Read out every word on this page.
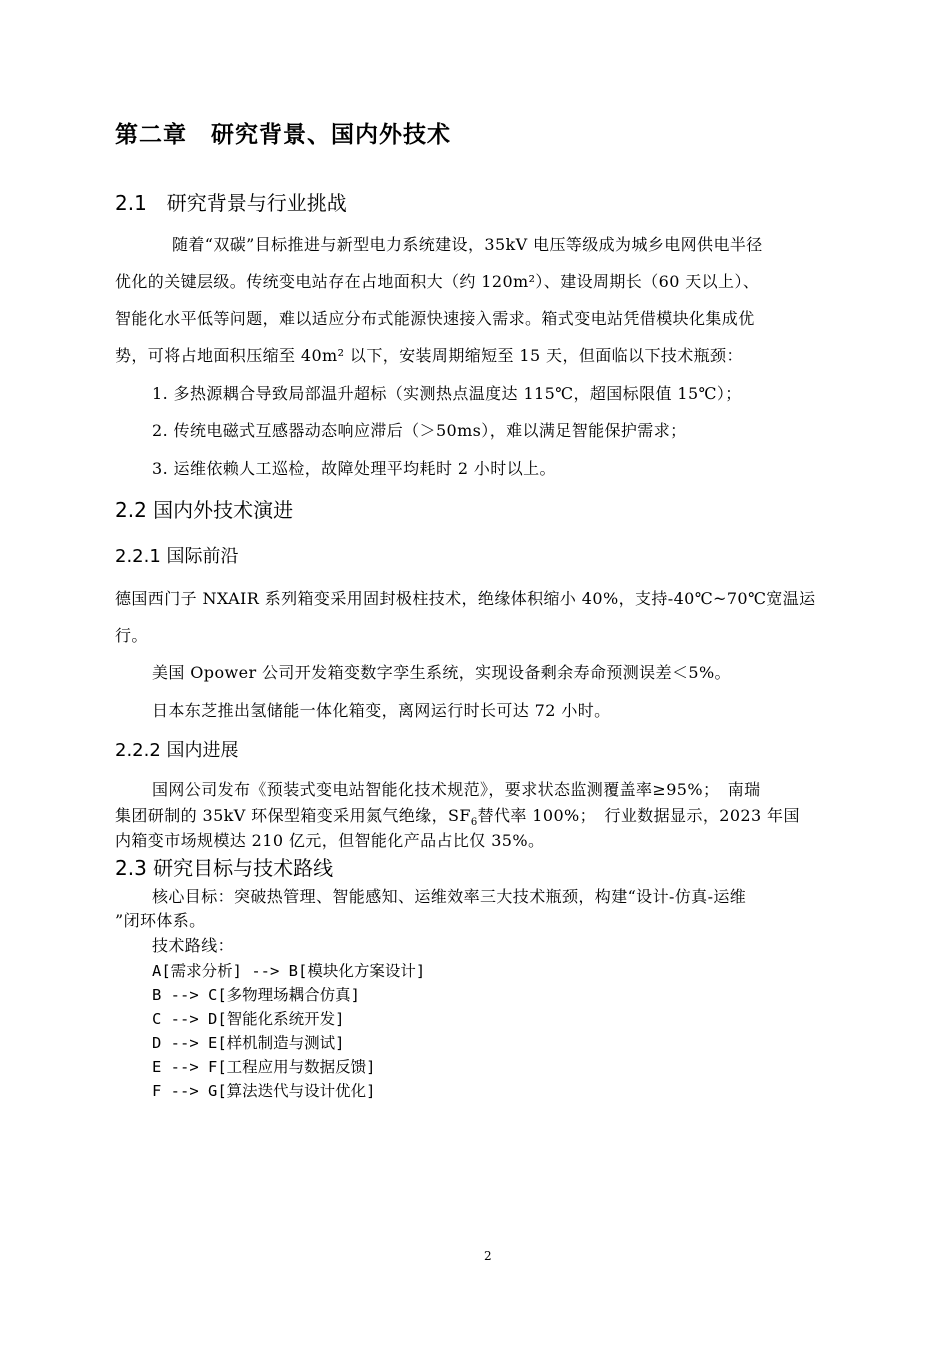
第二章　研究背景、国内外技术
2.1　研究背景与行业挑战
随着“双碳”目标推进与新型电力系统建设，35kV 电压等级成为城乡电网供电半径
优化的关键层级。传统变电站存在占地面积大（约 120m²）、建设周期长（60 天以上）、
智能化水平低等问题，难以适应分布式能源快速接入需求。箱式变电站凭借模块化集成优
势，可将占地面积压缩至 40m² 以下，安装周期缩短至 15 天，但面临以下技术瓶颈：
1. 多热源耦合导致局部温升超标（实测热点温度达 115℃，超国标限值 15℃）；
2. 传统电磁式互感器动态响应滞后（＞50ms），难以满足智能保护需求；
3. 运维依赖人工巡检，故障处理平均耗时 2 小时以上。
2.2 国内外技术演进
2.2.1 国际前沿
德国西门子 NXAIR 系列箱变采用固封极柱技术，绝缘体积缩小 40%，支持-40℃~70℃宽温运
行。
美国 Opower 公司开发箱变数字孪生系统，实现设备剩余寿命预测误差＜5%。
日本东芝推出氢储能一体化箱变，离网运行时长可达 72 小时。
2.2.2 国内进展
国网公司发布《预装式变电站智能化技术规范》，要求状态监测覆盖率≥95%；　南瑞
集团研制的 35kV 环保型箱变采用氮气绝缘，$SF_6$替代率 100%；　行业数据显示，2023 年国
内箱变市场规模达 210 亿元，但智能化产品占比仅 35%。
2.3 研究目标与技术路线
核心目标：突破热管理、智能感知、运维效率三大技术瓶颈，构建“设计-仿真-运维
”闭环体系。
技术路线：
A[需求分析] --> B[模块化方案设计]
B --> C[多物理场耦合仿真]
C --> D[智能化系统开发]
D --> E[样机制造与测试]
E --> F[工程应用与数据反馈]
F --> G[算法迭代与设计优化]
2
